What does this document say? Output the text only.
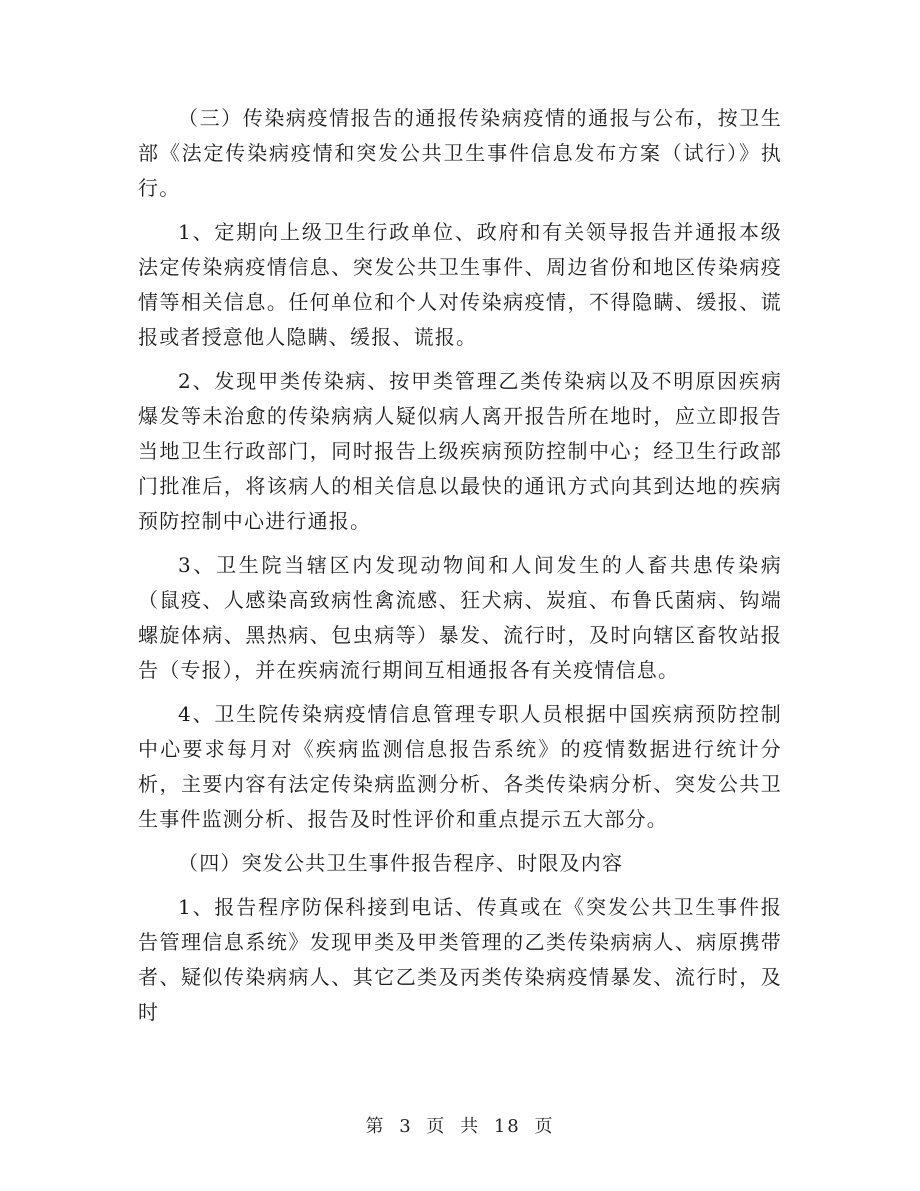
（三）传染病疫情报告的通报传染病疫情的通报与公布，按卫生部《法定传染病疫情和突发公共卫生事件信息发布方案（试行）》执行。

1、定期向上级卫生行政单位、政府和有关领导报告并通报本级法定传染病疫情信息、突发公共卫生事件、周边省份和地区传染病疫情等相关信息。任何单位和个人对传染病疫情，不得隐瞒、缓报、谎报或者授意他人隐瞒、缓报、谎报。

2、发现甲类传染病、按甲类管理乙类传染病以及不明原因疾病爆发等未治愈的传染病病人疑似病人离开报告所在地时，应立即报告当地卫生行政部门，同时报告上级疾病预防控制中心；经卫生行政部门批准后，将该病人的相关信息以最快的通讯方式向其到达地的疾病预防控制中心进行通报。

3、卫生院当辖区内发现动物间和人间发生的人畜共患传染病（鼠疫、人感染高致病性禽流感、狂犬病、炭疽、布鲁氏菌病、钩端螺旋体病、黑热病、包虫病等）暴发、流行时，及时向辖区畜牧站报告（专报），并在疾病流行期间互相通报各有关疫情信息。

4、卫生院传染病疫情信息管理专职人员根据中国疾病预防控制中心要求每月对《疾病监测信息报告系统》的疫情数据进行统计分析，主要内容有法定传染病监测分析、各类传染病分析、突发公共卫生事件监测分析、报告及时性评价和重点提示五大部分。

（四）突发公共卫生事件报告程序、时限及内容

1、报告程序防保科接到电话、传真或在《突发公共卫生事件报告管理信息系统》发现甲类及甲类管理的乙类传染病病人、病原携带者、疑似传染病病人、其它乙类及丙类传染病疫情暴发、流行时，及时

第 3 页 共 18 页
